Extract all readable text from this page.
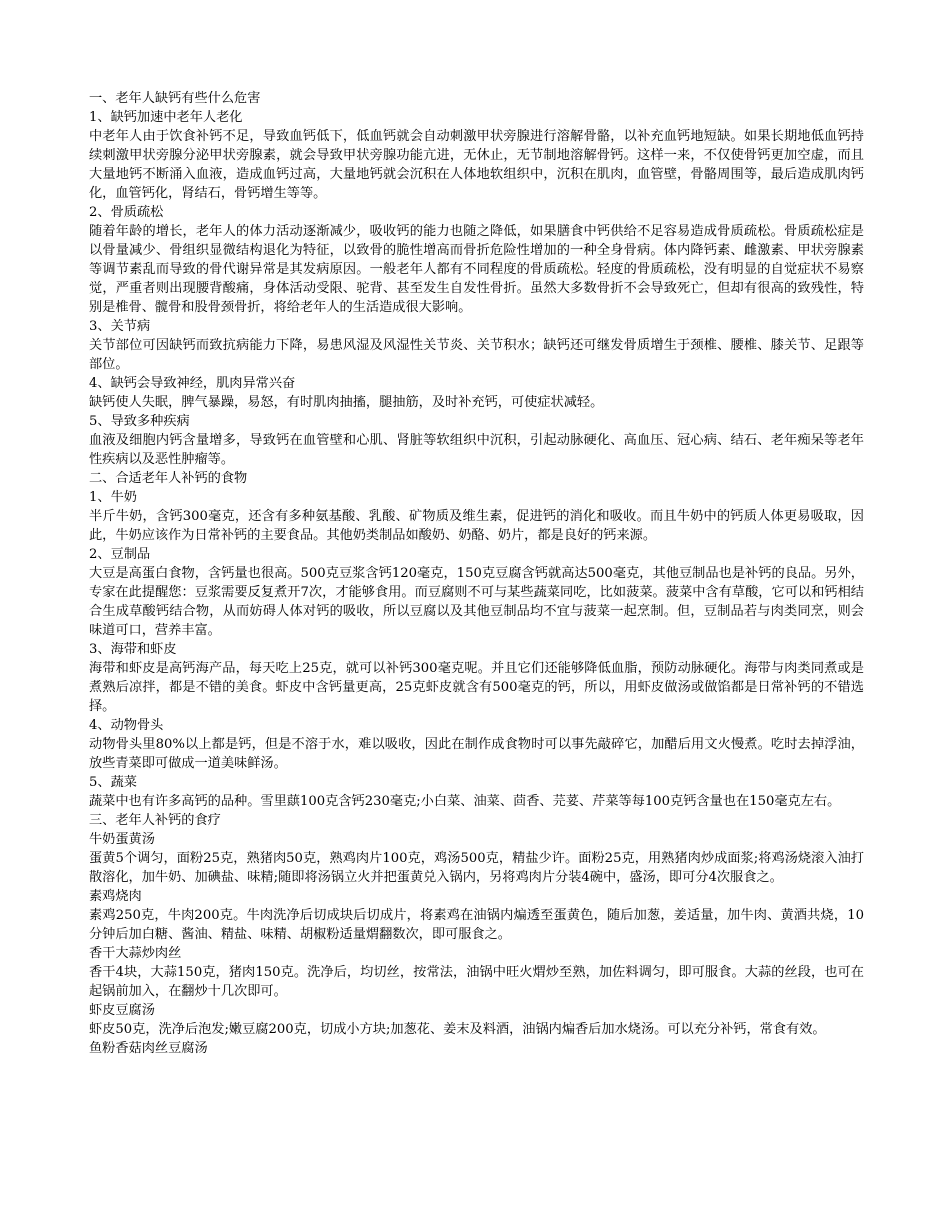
一、老年人缺钙有些什么危害
1、缺钙加速中老年人老化
中老年人由于饮食补钙不足，导致血钙低下，低血钙就会自动刺激甲状旁腺进行溶解骨骼，以补充血钙地短缺。如果长期地低血钙持续刺激甲状旁腺分泌甲状旁腺素，就会导致甲状旁腺功能亢进，无休止，无节制地溶解骨钙。这样一来，不仅使骨钙更加空虚，而且大量地钙不断涌入血液，造成血钙过高，大量地钙就会沉积在人体地软组织中，沉积在肌肉，血管壁，骨骼周围等，最后造成肌肉钙化，血管钙化，肾结石，骨钙增生等等。
2、骨质疏松
随着年龄的增长，老年人的体力活动逐渐减少，吸收钙的能力也随之降低，如果膳食中钙供给不足容易造成骨质疏松。骨质疏松症是以骨量减少、骨组织显微结构退化为特征，以致骨的脆性增高而骨折危险性增加的一种全身骨病。体内降钙素、雌激素、甲状旁腺素等调节素乱而导致的骨代谢异常是其发病原因。一般老年人都有不同程度的骨质疏松。轻度的骨质疏松，没有明显的自觉症状不易察觉，严重者则出现腰背酸痛，身体活动受限、驼背、甚至发生自发性骨折。虽然大多数骨折不会导致死亡，但却有很高的致残性，特别是椎骨、髋骨和股骨颈骨折，将给老年人的生活造成很大影响。
3、关节病
关节部位可因缺钙而致抗病能力下降，易患风湿及风湿性关节炎、关节积水；缺钙还可继发骨质增生于颈椎、腰椎、膝关节、足跟等部位。
4、缺钙会导致神经，肌肉异常兴奋
缺钙使人失眠，脾气暴躁，易怒，有时肌肉抽搐，腿抽筋，及时补充钙，可使症状减轻。
5、导致多种疾病
血液及细胞内钙含量增多，导致钙在血管壁和心肌、肾脏等软组织中沉积，引起动脉硬化、高血压、冠心病、结石、老年痴呆等老年性疾病以及恶性肿瘤等。
二、合适老年人补钙的食物
1、牛奶
半斤牛奶，含钙300毫克，还含有多种氨基酸、乳酸、矿物质及维生素，促进钙的消化和吸收。而且牛奶中的钙质人体更易吸取，因此，牛奶应该作为日常补钙的主要食品。其他奶类制品如酸奶、奶酪、奶片，都是良好的钙来源。
2、豆制品
大豆是高蛋白食物，含钙量也很高。500克豆浆含钙120毫克，150克豆腐含钙就高达500毫克，其他豆制品也是补钙的良品。另外，专家在此提醒您：豆浆需要反复煮开7次，才能够食用。而豆腐则不可与某些蔬菜同吃，比如菠菜。菠菜中含有草酸，它可以和钙相结合生成草酸钙结合物，从而妨碍人体对钙的吸收，所以豆腐以及其他豆制品均不宜与菠菜一起烹制。但，豆制品若与肉类同烹，则会味道可口，营养丰富。
3、海带和虾皮
海带和虾皮是高钙海产品，每天吃上25克，就可以补钙300毫克呢。并且它们还能够降低血脂，预防动脉硬化。海带与肉类同煮或是煮熟后凉拌，都是不错的美食。虾皮中含钙量更高，25克虾皮就含有500毫克的钙，所以，用虾皮做汤或做馅都是日常补钙的不错选择。
4、动物骨头
动物骨头里80%以上都是钙，但是不溶于水，难以吸收，因此在制作成食物时可以事先敲碎它，加醋后用文火慢煮。吃时去掉浮油，放些青菜即可做成一道美味鲜汤。
5、蔬菜
蔬菜中也有许多高钙的品种。雪里蕻100克含钙230毫克;小白菜、油菜、茴香、芫荽、芹菜等每100克钙含量也在150毫克左右。
三、老年人补钙的食疗
牛奶蛋黄汤
蛋黄5个调匀，面粉25克，熟猪肉50克，熟鸡肉片100克，鸡汤500克，精盐少许。面粉25克，用熟猪肉炒成面浆;将鸡汤烧滚入油打散溶化，加牛奶、加碘盐、味精;随即将汤锅立火并把蛋黄兑入锅内，另将鸡肉片分装4碗中，盛汤，即可分4次服食之。
素鸡烧肉
素鸡250克，牛肉200克。牛肉洗净后切成块后切成片，将素鸡在油锅内煸透至蛋黄色，随后加葱，姜适量，加牛肉、黄酒共烧，10分钟后加白糖、酱油、精盐、味精、胡椒粉适量煟翻数次，即可服食之。
香干大蒜炒肉丝
香干4块，大蒜150克，猪肉150克。洗净后，均切丝，按常法，油锅中旺火煟炒至熟，加佐料调匀，即可服食。大蒜的丝段，也可在起锅前加入，在翻炒十几次即可。
虾皮豆腐汤
虾皮50克，洗净后泡发;嫩豆腐200克，切成小方块;加葱花、姜末及料酒，油锅内煸香后加水烧汤。可以充分补钙，常食有效。
鱼粉香菇肉丝豆腐汤
